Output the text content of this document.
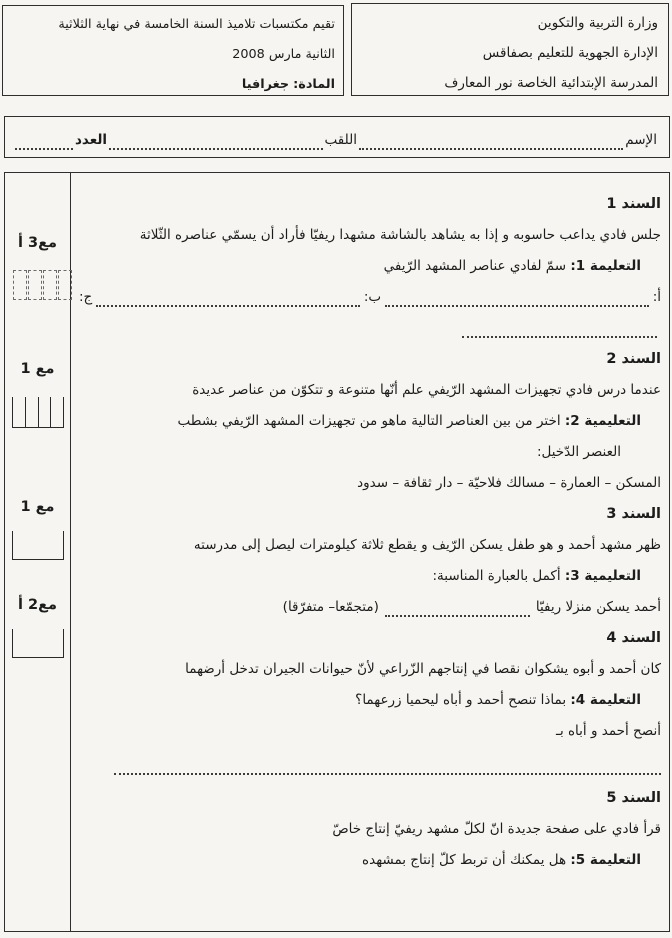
وزارة التربية والتكوين
الإدارة الجهوية للتعليم بصفاقس
المدرسة الإبتدائية الخاصة نور المعارف
تقيم مكتسبات تلاميذ السنة الخامسة في نهاية الثلاثية
الثانية مارس 2008
المادة: جغرافيا
الإسم
اللقب
العدد
السند 1
جلس فادي يداعب حاسوبه و إذا به يشاهد بالشاشة مشهدا ريفيّا فأراد أن يسمّي عناصره الثّلاثة
التعليمة 1: سمّ لفادي عناصر المشهد الرّيفي
أ:
ب:
ج:
السند 2
عندما درس فادي تجهيزات المشهد الرّيفي علم أنّها متنوعة و تتكوّن من عناصر عديدة
التعليمية 2: اختر من بين العناصر التالية ماهو من تجهيزات المشهد الرّيفي بشطب
العنصر الدّخيل:
المسكن – العمارة – مسالك فلاحيّة – دار ثقافة – سدود
السند 3
ظهر مشهد أحمد و هو طفل يسكن الرّيف و يقطع ثلاثة كيلومترات ليصل إلى مدرسته
التعليمية 3: أكمل بالعبارة المناسبة:
أحمد يسكن منزلا ريفيّا
(متجمّعا– متفرّقا)
السند 4
كان أحمد و أبوه يشكوان نقصا في إنتاجهم الزّراعي لأنّ حيوانات الجيران تدخل أرضهما
التعليمة 4: بماذا تنصح أحمد و أباه ليحميا زرعهما؟
أنصح أحمد و أباه بـ
السند 5
قرأ فادي على صفحة جديدة انّ لكلّ مشهد ريفيّ إنتاج خاصّ
التعليمة 5: هل يمكنك أن تربط كلّ إنتاج بمشهده
مع3 أ
مع 1
مع 1
مع2 أ
